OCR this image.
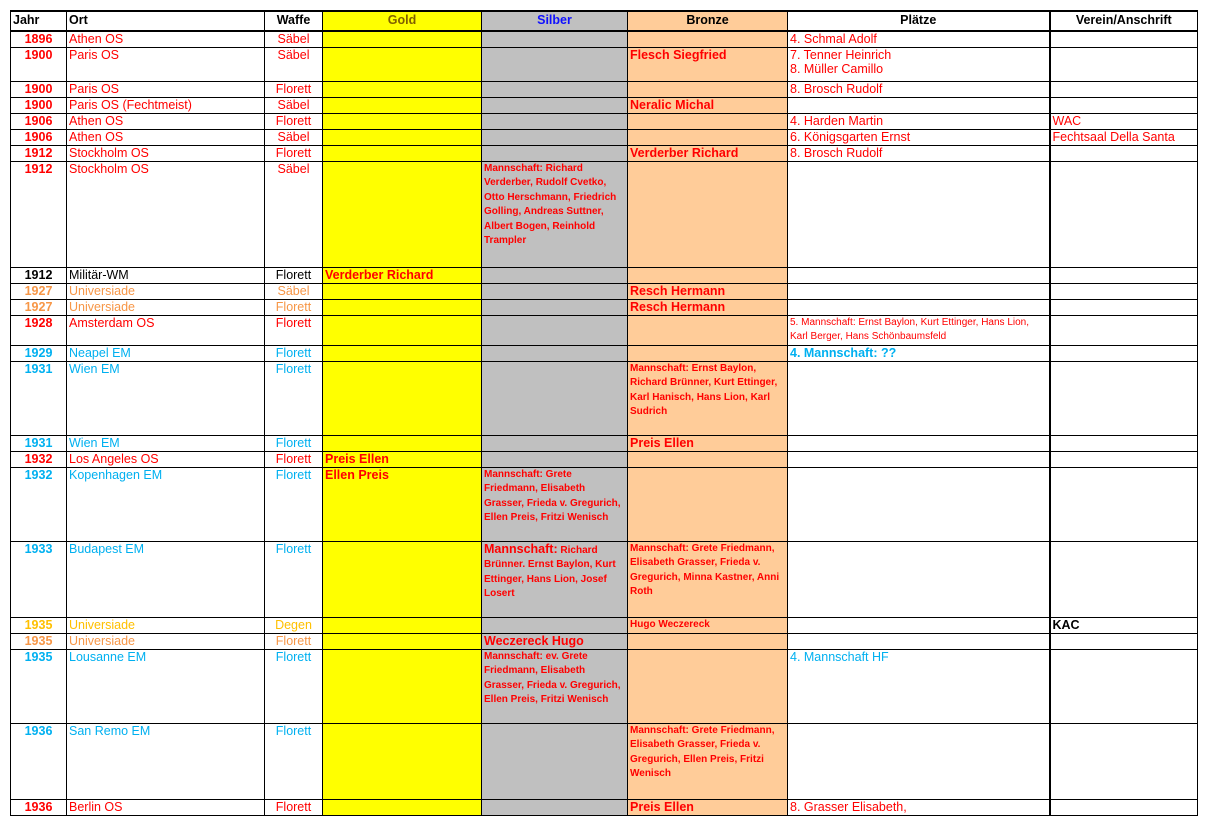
Jahr	Ort	Waffe	Gold	Silber	Bronze	Plätze	Verein/Anschrift
1896	Athen OS	Säbel				4. Schmal Adolf	
1900	Paris OS	Säbel			Flesch Siegfried	7. Tenner Heinrich
8. Müller Camillo	
1900	Paris OS	Florett				8. Brosch Rudolf	
1900	Paris OS (Fechtmeist)	Säbel			Neralic Michal		
1906	Athen OS	Florett				4. Harden Martin	WAC
1906	Athen OS	Säbel				6. Königsgarten Ernst	Fechtsaal Della Santa
1912	Stockholm OS	Florett			Verderber Richard	8. Brosch Rudolf	
1912	Stockholm OS	Säbel		Mannschaft: Richard Verderber, Rudolf Cvetko, Otto Herschmann, Friedrich Golling, Andreas Suttner, Albert Bogen, Reinhold Trampler			
1912	Militär-WM	Florett	Verderber Richard				
1927	Universiade	Säbel			Resch Hermann		
1927	Universiade	Florett			Resch Hermann		
1928	Amsterdam OS	Florett				5. Mannschaft: Ernst Baylon, Kurt Ettinger, Hans Lion, Karl Berger, Hans Schönbaumsfeld	
1929	Neapel EM	Florett				4. Mannschaft: ??	
1931	Wien EM	Florett			Mannschaft: Ernst Baylon, Richard Brünner, Kurt Ettinger, Karl Hanisch, Hans Lion, Karl Sudrich		
1931	Wien EM	Florett			Preis Ellen		
1932	Los Angeles OS	Florett	Preis Ellen				
1932	Kopenhagen EM	Florett	Ellen Preis	Mannschaft: Grete Friedmann, Elisabeth Grasser, Frieda v. Gregurich, Ellen Preis, Fritzi Wenisch			
1933	Budapest EM	Florett		Mannschaft: Richard Brünner. Ernst Baylon, Kurt Ettinger, Hans Lion, Josef Losert	Mannschaft: Grete Friedmann, Elisabeth Grasser, Frieda v. Gregurich, Minna Kastner, Anni Roth		
1935	Universiade	Degen			Hugo Weczereck		KAC
1935	Universiade	Florett		Weczereck Hugo			
1935	Lousanne EM	Florett		Mannschaft: ev. Grete Friedmann, Elisabeth Grasser, Frieda v. Gregurich, Ellen Preis, Fritzi Wenisch		4. Mannschaft HF	
1936	San Remo EM	Florett			Mannschaft: Grete Friedmann, Elisabeth Grasser, Frieda v. Gregurich, Ellen Preis, Fritzi Wenisch		
1936	Berlin OS	Florett			Preis Ellen	8. Grasser Elisabeth,	
